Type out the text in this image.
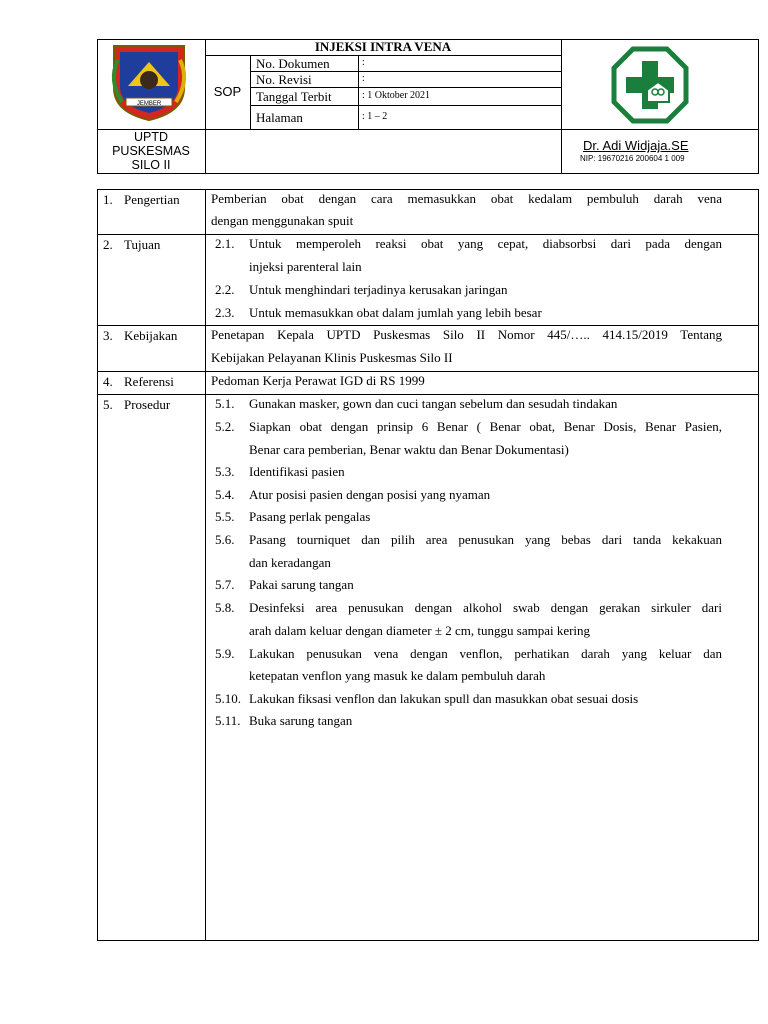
JEMBER
INJEKSI INTRA VENA
SOP
No. Dokumen	:
No. Revisi	:
Tanggal Terbit	: 1 Oktober 2021
Halaman	: 1 – 2
UPTD
PUSKESMAS
SILO II
Dr. Adi Widjaja.SE
NIP: 19670216 200604 1 009
1. Pengertian Pemberian obat dengan cara memasukkan obat kedalam pembuluh darah vena
dengan menggunakan spuit
2. Tujuan	2.1. Untuk memperoleh reaksi obat yang cepat, diabsorbsi dari pada dengan
injeksi parenteral lain
2.2. Untuk menghindari terjadinya kerusakan jaringan
2.3. Untuk memasukkan obat dalam jumlah yang lebih besar
3. Kebijakan	Penetapan Kepala UPTD Puskesmas Silo II Nomor 445/….. 414.15/2019 Tentang
Kebijakan Pelayanan Klinis Puskesmas Silo II
4. Referensi	Pedoman Kerja Perawat IGD di RS 1999
5. Prosedur	5.1. Gunakan masker, gown dan cuci tangan sebelum dan sesudah tindakan
5.2. Siapkan obat dengan prinsip 6 Benar ( Benar obat, Benar Dosis, Benar Pasien,
Benar cara pemberian, Benar waktu dan Benar Dokumentasi)
5.3. Identifikasi pasien
5.4. Atur posisi pasien dengan posisi yang nyaman
5.5. Pasang perlak pengalas
5.6. Pasang tourniquet dan pilih area penusukan yang bebas dari tanda kekakuan
dan keradangan
5.7. Pakai sarung tangan
5.8. Desinfeksi area penusukan dengan alkohol swab dengan gerakan sirkuler dari
arah dalam keluar dengan diameter ± 2 cm, tunggu sampai kering
5.9. Lakukan penusukan vena dengan venflon, perhatikan darah yang keluar dan
ketepatan venflon yang masuk ke dalam pembuluh darah
5.10. Lakukan fiksasi venflon dan lakukan spull dan masukkan obat sesuai dosis
5.11. Buka sarung tangan
